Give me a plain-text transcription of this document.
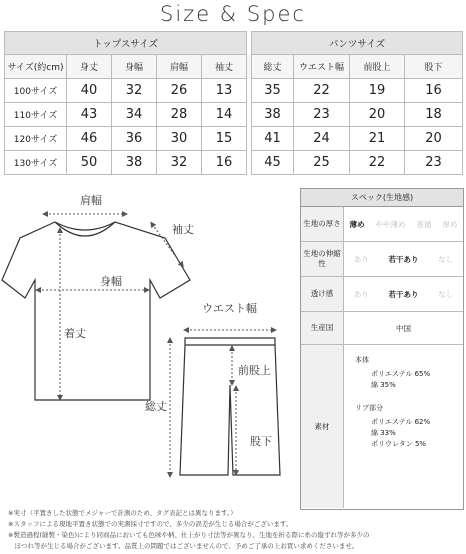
Size & Spec
トップスサイズ						パンツサイズ			
サイズ(約cm)	身丈	身幅	肩幅	袖丈		総丈	ウエスト幅	前股上	股下
100サイズ	40	32	26	13		35	22	19	16
110サイズ	43	34	28	14		38	23	20	18
120サイズ	46	36	30	15		41	24	21	20
130サイズ	50	38	32	16		45	25	22	23
肩幅
袖丈
身幅
着丈
ウエスト幅
前股上
総丈
股下
スペック(生地感)
生地の厚さ	薄め やや薄め 普通 厚め
生地の伸縮性	あり	若干あり	なし
透け感	あり	若干あり	なし
生産国	中国
素材
本体
ポリエステル 65%
綿 35%
リブ部分
ポリエステル 62%
綿 33%
ポリウレタン 5%
※実寸（平置きした状態でメジャーで計測のため、タグ表記とは異なります。）
※スタッフによる現地平置き状態での実測採寸ですので、多少の誤差が生じる場合がございます。
※製造過程(縫製・染色)により同商品においても色味や柄、仕上がり寸法等が異なり、生地を折る際に糸の縦ずれ等が多少の
　ほつれ等が生じる場合がございます。品質上の問題ではございませんので、予めご了承の上お買い求めくださいませ。
